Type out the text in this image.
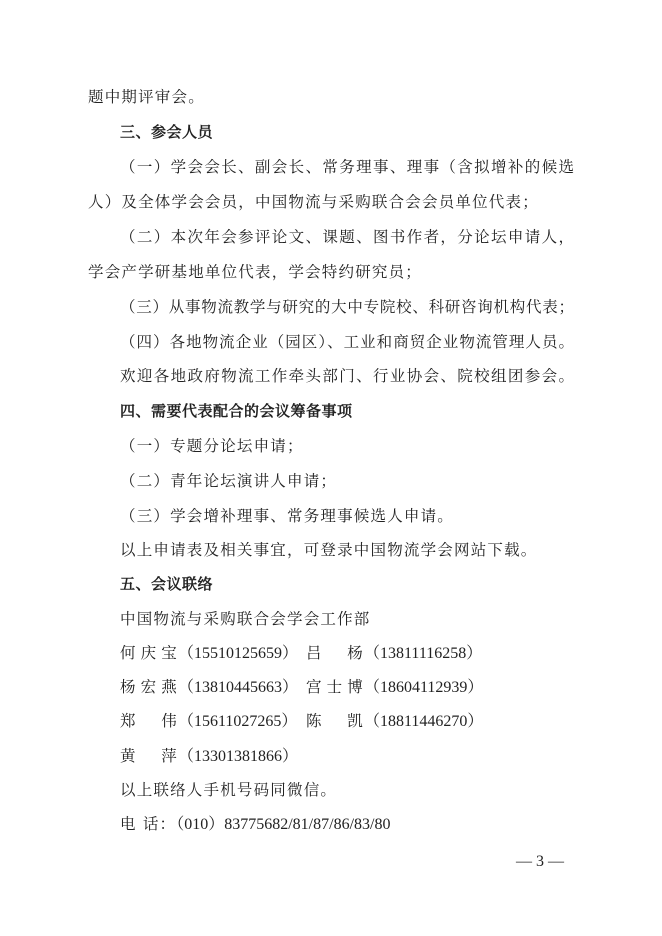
题中期评审会。
三、参会人员
（一）学会会长、副会长、常务理事、理事（含拟增补的候选
人）及全体学会会员，中国物流与采购联合会会员单位代表；
（二）本次年会参评论文、课题、图书作者，分论坛申请人，
学会产学研基地单位代表，学会特约研究员；
（三）从事物流教学与研究的大中专院校、科研咨询机构代表；
（四）各地物流企业（园区）、工业和商贸企业物流管理人员。
欢迎各地政府物流工作牵头部门、行业协会、院校组团参会。
四、需要代表配合的会议筹备事项
（一）专题分论坛申请；
（二）青年论坛演讲人申请；
（三）学会增补理事、常务理事候选人申请。
以上申请表及相关事宜，可登录中国物流学会网站下载。
五、会议联络
中国物流与采购联合会学会工作部
何庆宝（15510125659） 吕杨（13811116258）
杨宏燕（13810445663） 宫士博（18604112939）
郑伟（15611027265） 陈凯（18811446270）
黄萍（13301381866）
以上联络人手机号码同微信。
电 话：（010）83775682/81/87/86/83/80
— 3 —
